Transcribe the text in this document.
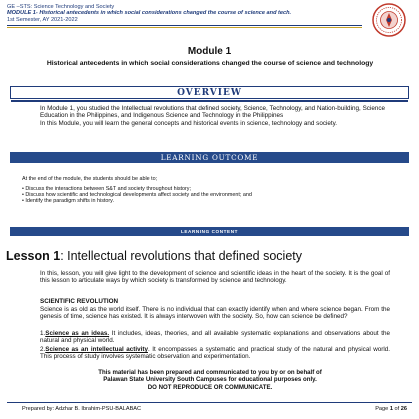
GE –STS: Science Technology and Society
MODULE 1- Historical antecedents in which social considerations changed the course of science and tech.
1st Semester, AY 2021-2022
Module 1
Historical antecedents in which social considerations changed the course of science and technology
OVERVIEW
In Module 1, you studied the Intellectual revolutions that defined society, Science, Technology, and Nation-building, Science Education in the Philippines, and Indigenous Science and Technology in the Philippines
In this Module, you will learn the general concepts and historical events in science, technology and society.
LEARNING OUTCOME
At the end of the module, the students should be able to;
• Discuss the interactions between S&T and society throughout history;
• Discuss how scientific and technological developments affect society and the environment; and
• Identify the paradigm shifts in history.
LEARNING CONTENT
Lesson 1: Intellectual revolutions that defined society
In this, lesson, you will give light to the development of science and scientific ideas in the heart of the society. It is the goal of this lesson to articulate ways by which society is transformed by science and technology.
SCIENTIFIC REVOLUTION
Science is as old as the world itself. There is no individual that can exactly identify when and where science began. From the genesis of time, science has existed. It is always interwoven with the society. So, how can science be defined?
1.Science as an ideas. It includes, ideas, theories, and all available systematic explanations and observations about the natural and physical world.
2.Science as an intellectual activity. It encompasses a systematic and practical study of the natural and physical world. This process of study involves systematic observation and experimentation.
This material has been prepared and communicated to you by or on behalf of
Palawan State University South Campuses for educational purposes only.
DO NOT REPRODUCE OR COMMUNICATE.
Prepared by: Adzhar B. Ibrahim-PSU-BALABAC	Page 1 of 26
